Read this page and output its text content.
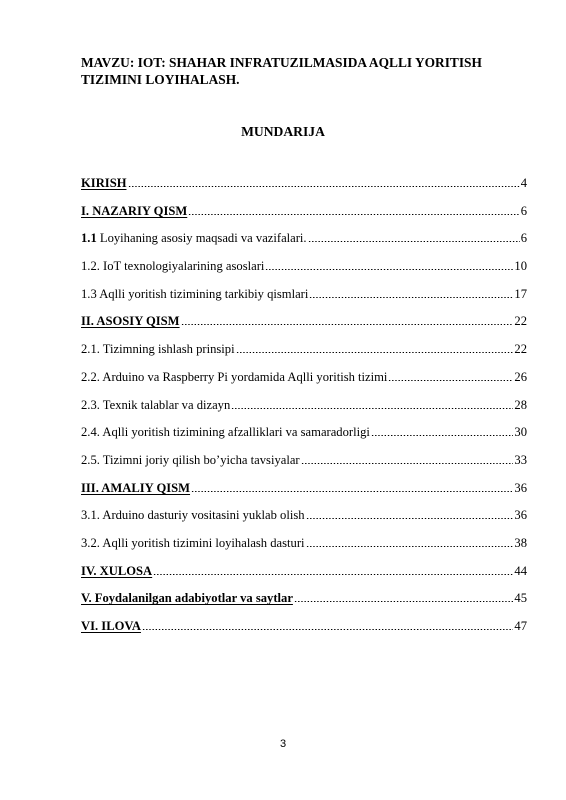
MAVZU: IOT: SHAHAR INFRATUZILMASIDA AQLLI YORITISH TIZIMINI LOYIHALASH.

MUNDARIJA

KIRISH	4
I. NAZARIY QISM	6
1.1 Loyihaning asosiy maqsadi va vazifalari.	6
1.2. IoT texnologiyalarining asoslari	10
1.3 Aqlli yoritish tizimining tarkibiy qismlari	17
II. ASOSIY QISM	22
2.1. Tizimning ishlash prinsipi	22
2.2. Arduino va Raspberry Pi yordamida Aqlli yoritish tizimi	26
2.3. Texnik talablar va dizayn	28
2.4. Aqlli yoritish tizimining afzalliklari va samaradorligi	30
2.5. Tizimni joriy qilish bo’yicha tavsiyalar	33
III. AMALIY QISM	36
3.1. Arduino dasturiy vositasini yuklab olish	36
3.2. Aqlli yoritish tizimini loyihalash dasturi	38
IV. XULOSA	44
V. Foydalanilgan adabiyotlar va saytlar	45
VI. ILOVA	47
3
